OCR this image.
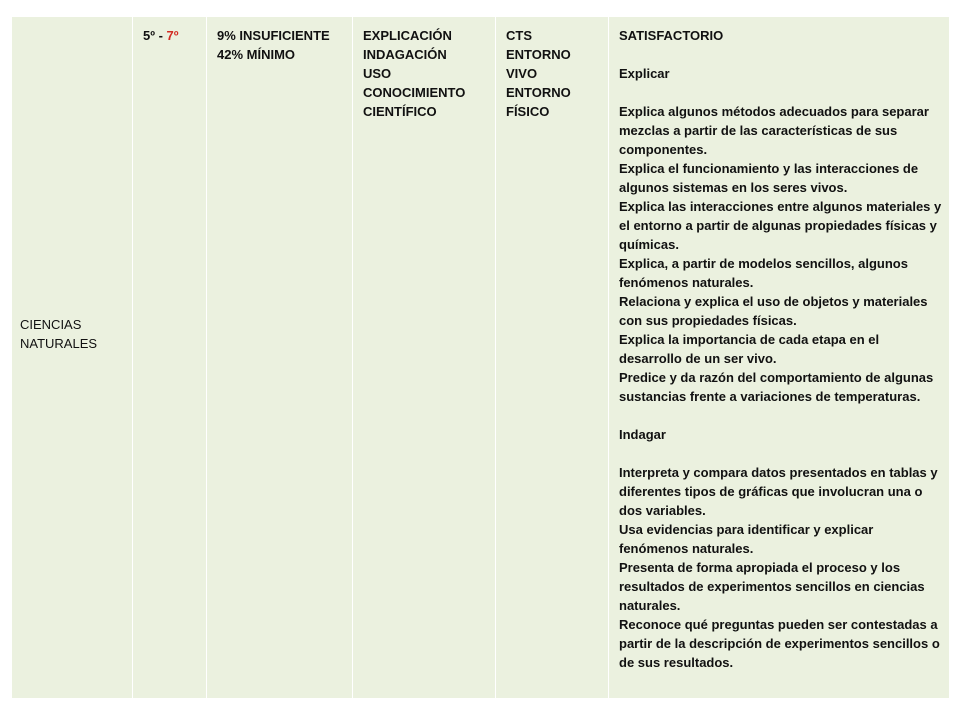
CIENCIAS
NATURALES
5º - 7º	9% INSUFICIENTE
42% MÍNIMO
EXPLICACIÓN
INDAGACIÓN
USO
CONOCIMIENTO CIENTÍFICO
CTS
ENTORNO VIVO
ENTORNO FÍSICO
SATISFACTORIO
Explicar
Explica algunos métodos adecuados para separar mezclas a partir de las características de sus componentes.
Explica el funcionamiento y las interacciones de algunos sistemas en los seres vivos.
Explica las interacciones entre algunos materiales y el entorno a partir de algunas propiedades físicas y químicas.
Explica, a partir de modelos sencillos, algunos fenómenos naturales.
Relaciona y explica el uso de objetos y materiales con sus propiedades físicas.
Explica la importancia de cada etapa en el desarrollo de un ser vivo.
Predice y da razón del comportamiento de algunas sustancias frente a variaciones de temperaturas.
Indagar
Interpreta y compara datos presentados en tablas y diferentes tipos de gráficas que involucran una o dos variables.
Usa evidencias para identificar y explicar fenómenos naturales.
Presenta de forma apropiada el proceso y los resultados de experimentos sencillos en ciencias naturales.
Reconoce qué preguntas pueden ser contestadas a partir de la descripción de experimentos sencillos o de sus resultados.
